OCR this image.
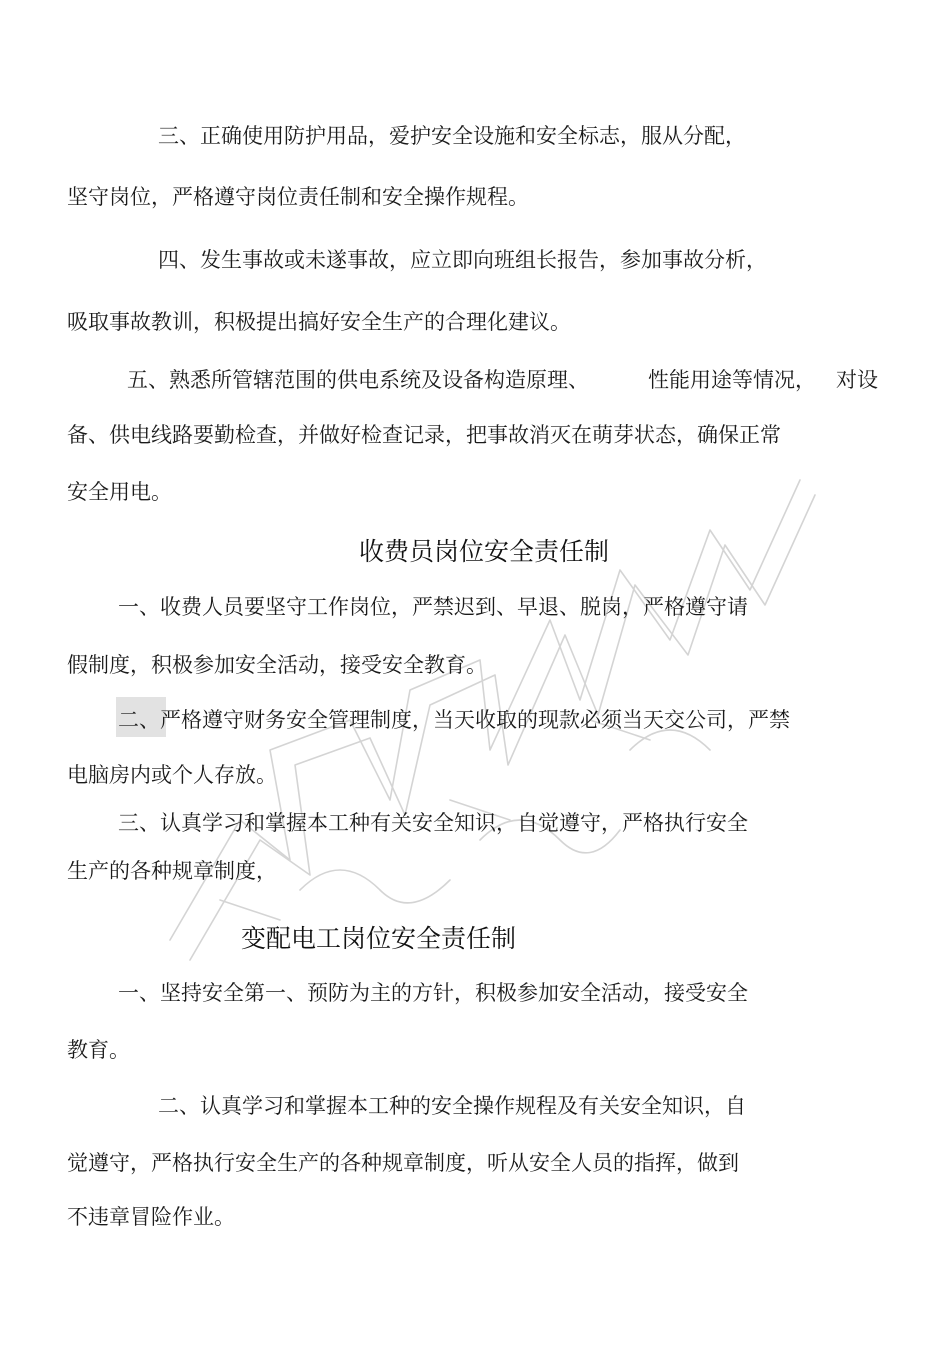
三、正确使用防护用品，爱护安全设施和安全标志，服从分配，
坚守岗位，严格遵守岗位责任制和安全操作规程。
四、发生事故或未遂事故，应立即向班组长报告，参加事故分析，
吸取事故教训，积极提出搞好安全生产的合理化建议。
五、熟悉所管辖范围的供电系统及设备构造原理、	性能用途等情况， 对设
备、供电线路要勤检查，并做好检查记录，把事故消灭在萌芽状态，确保正常
安全用电。
收费员岗位安全责任制
一、收费人员要坚守工作岗位，严禁迟到、早退、脱岗，严格遵守请
假制度，积极参加安全活动，接受安全教育。
二、严格遵守财务安全管理制度，当天收取的现款必须当天交公司，严禁
电脑房内或个人存放。
三、认真学习和掌握本工种有关安全知识，自觉遵守，严格执行安全
生产的各种规章制度，
变配电工岗位安全责任制
一、坚持安全第一、预防为主的方针，积极参加安全活动，接受安全
教育。
二、认真学习和掌握本工种的安全操作规程及有关安全知识，自
觉遵守，严格执行安全生产的各种规章制度，听从安全人员的指挥，做到
不违章冒险作业。
